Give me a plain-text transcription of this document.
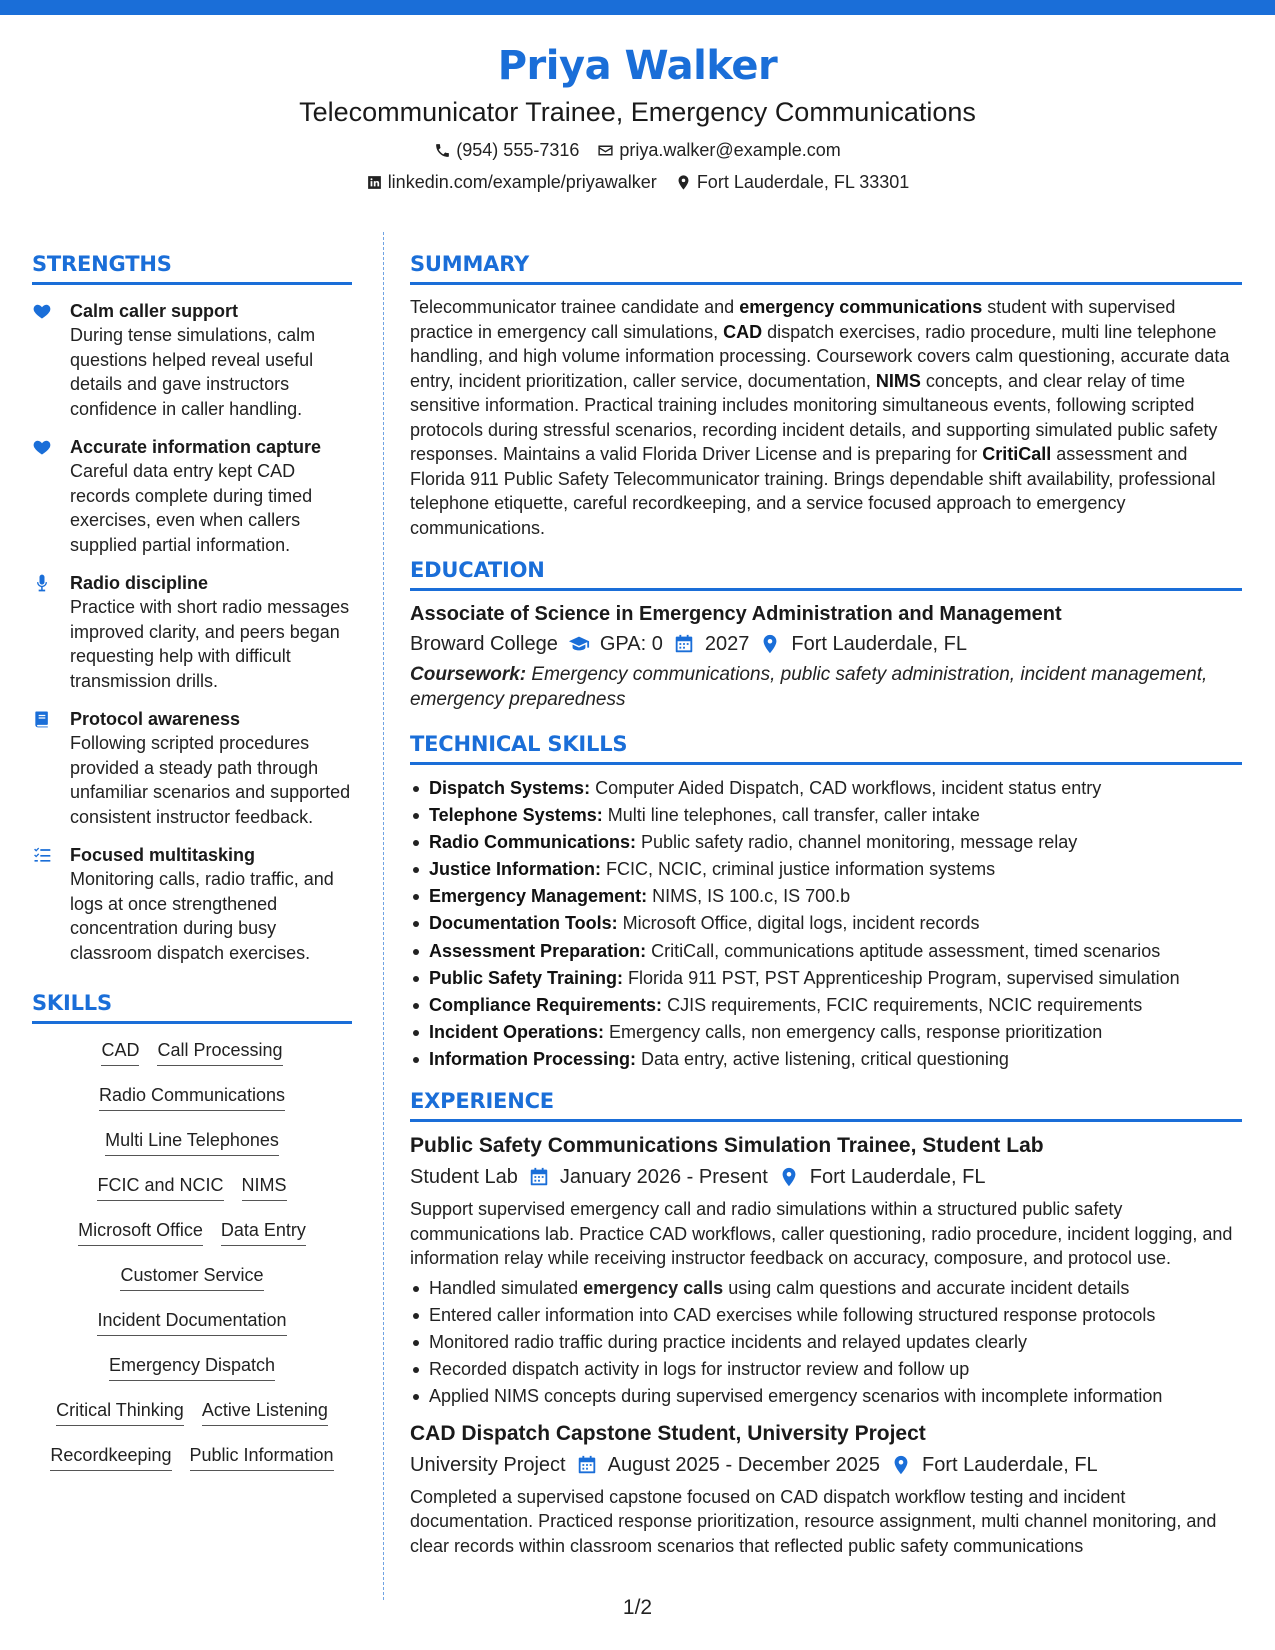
Priya Walker
Telecommunicator Trainee, Emergency Communications
(954) 555-7316 priya.walker@example.com
linkedin.com/example/priyawalker Fort Lauderdale, FL 33301
STRENGTHS
Calm caller support
During tense simulations, calm questions helped reveal useful details and gave instructors confidence in caller handling.
Accurate information capture
Careful data entry kept CAD records complete during timed exercises, even when callers supplied partial information.
Radio discipline
Practice with short radio messages improved clarity, and peers began requesting help with difficult transmission drills.
Protocol awareness
Following scripted procedures provided a steady path through unfamiliar scenarios and supported consistent instructor feedback.
Focused multitasking
Monitoring calls, radio traffic, and logs at once strengthened concentration during busy classroom dispatch exercises.
SKILLS
CAD Call Processing
Radio Communications
Multi Line Telephones
FCIC and NCIC NIMS
Microsoft Office Data Entry
Customer Service
Incident Documentation
Emergency Dispatch
Critical Thinking Active Listening
Recordkeeping Public Information
SUMMARY
Telecommunicator trainee candidate and emergency communications student with supervised practice in emergency call simulations, CAD dispatch exercises, radio procedure, multi line telephone handling, and high volume information processing. Coursework covers calm questioning, accurate data entry, incident prioritization, caller service, documentation, NIMS concepts, and clear relay of time sensitive information. Practical training includes monitoring simultaneous events, following scripted protocols during stressful scenarios, recording incident details, and supporting simulated public safety responses. Maintains a valid Florida Driver License and is preparing for CritiCall assessment and Florida 911 Public Safety Telecommunicator training. Brings dependable shift availability, professional telephone etiquette, careful recordkeeping, and a service focused approach to emergency communications.
EDUCATION
Associate of Science in Emergency Administration and Management
Broward College GPA: 0 2027 Fort Lauderdale, FL
Coursework: Emergency communications, public safety administration, incident management, emergency preparedness
TECHNICAL SKILLS
Dispatch Systems: Computer Aided Dispatch, CAD workflows, incident status entry
Telephone Systems: Multi line telephones, call transfer, caller intake
Radio Communications: Public safety radio, channel monitoring, message relay
Justice Information: FCIC, NCIC, criminal justice information systems
Emergency Management: NIMS, IS 100.c, IS 700.b
Documentation Tools: Microsoft Office, digital logs, incident records
Assessment Preparation: CritiCall, communications aptitude assessment, timed scenarios
Public Safety Training: Florida 911 PST, PST Apprenticeship Program, supervised simulation
Compliance Requirements: CJIS requirements, FCIC requirements, NCIC requirements
Incident Operations: Emergency calls, non emergency calls, response prioritization
Information Processing: Data entry, active listening, critical questioning
EXPERIENCE
Public Safety Communications Simulation Trainee, Student Lab
Student Lab January 2026 - Present Fort Lauderdale, FL
Support supervised emergency call and radio simulations within a structured public safety communications lab. Practice CAD workflows, caller questioning, radio procedure, incident logging, and information relay while receiving instructor feedback on accuracy, composure, and protocol use.
Handled simulated emergency calls using calm questions and accurate incident details
Entered caller information into CAD exercises while following structured response protocols
Monitored radio traffic during practice incidents and relayed updates clearly
Recorded dispatch activity in logs for instructor review and follow up
Applied NIMS concepts during supervised emergency scenarios with incomplete information
CAD Dispatch Capstone Student, University Project
University Project August 2025 - December 2025 Fort Lauderdale, FL
Completed a supervised capstone focused on CAD dispatch workflow testing and incident documentation. Practiced response prioritization, resource assignment, multi channel monitoring, and clear records within classroom scenarios that reflected public safety communications
1/2
